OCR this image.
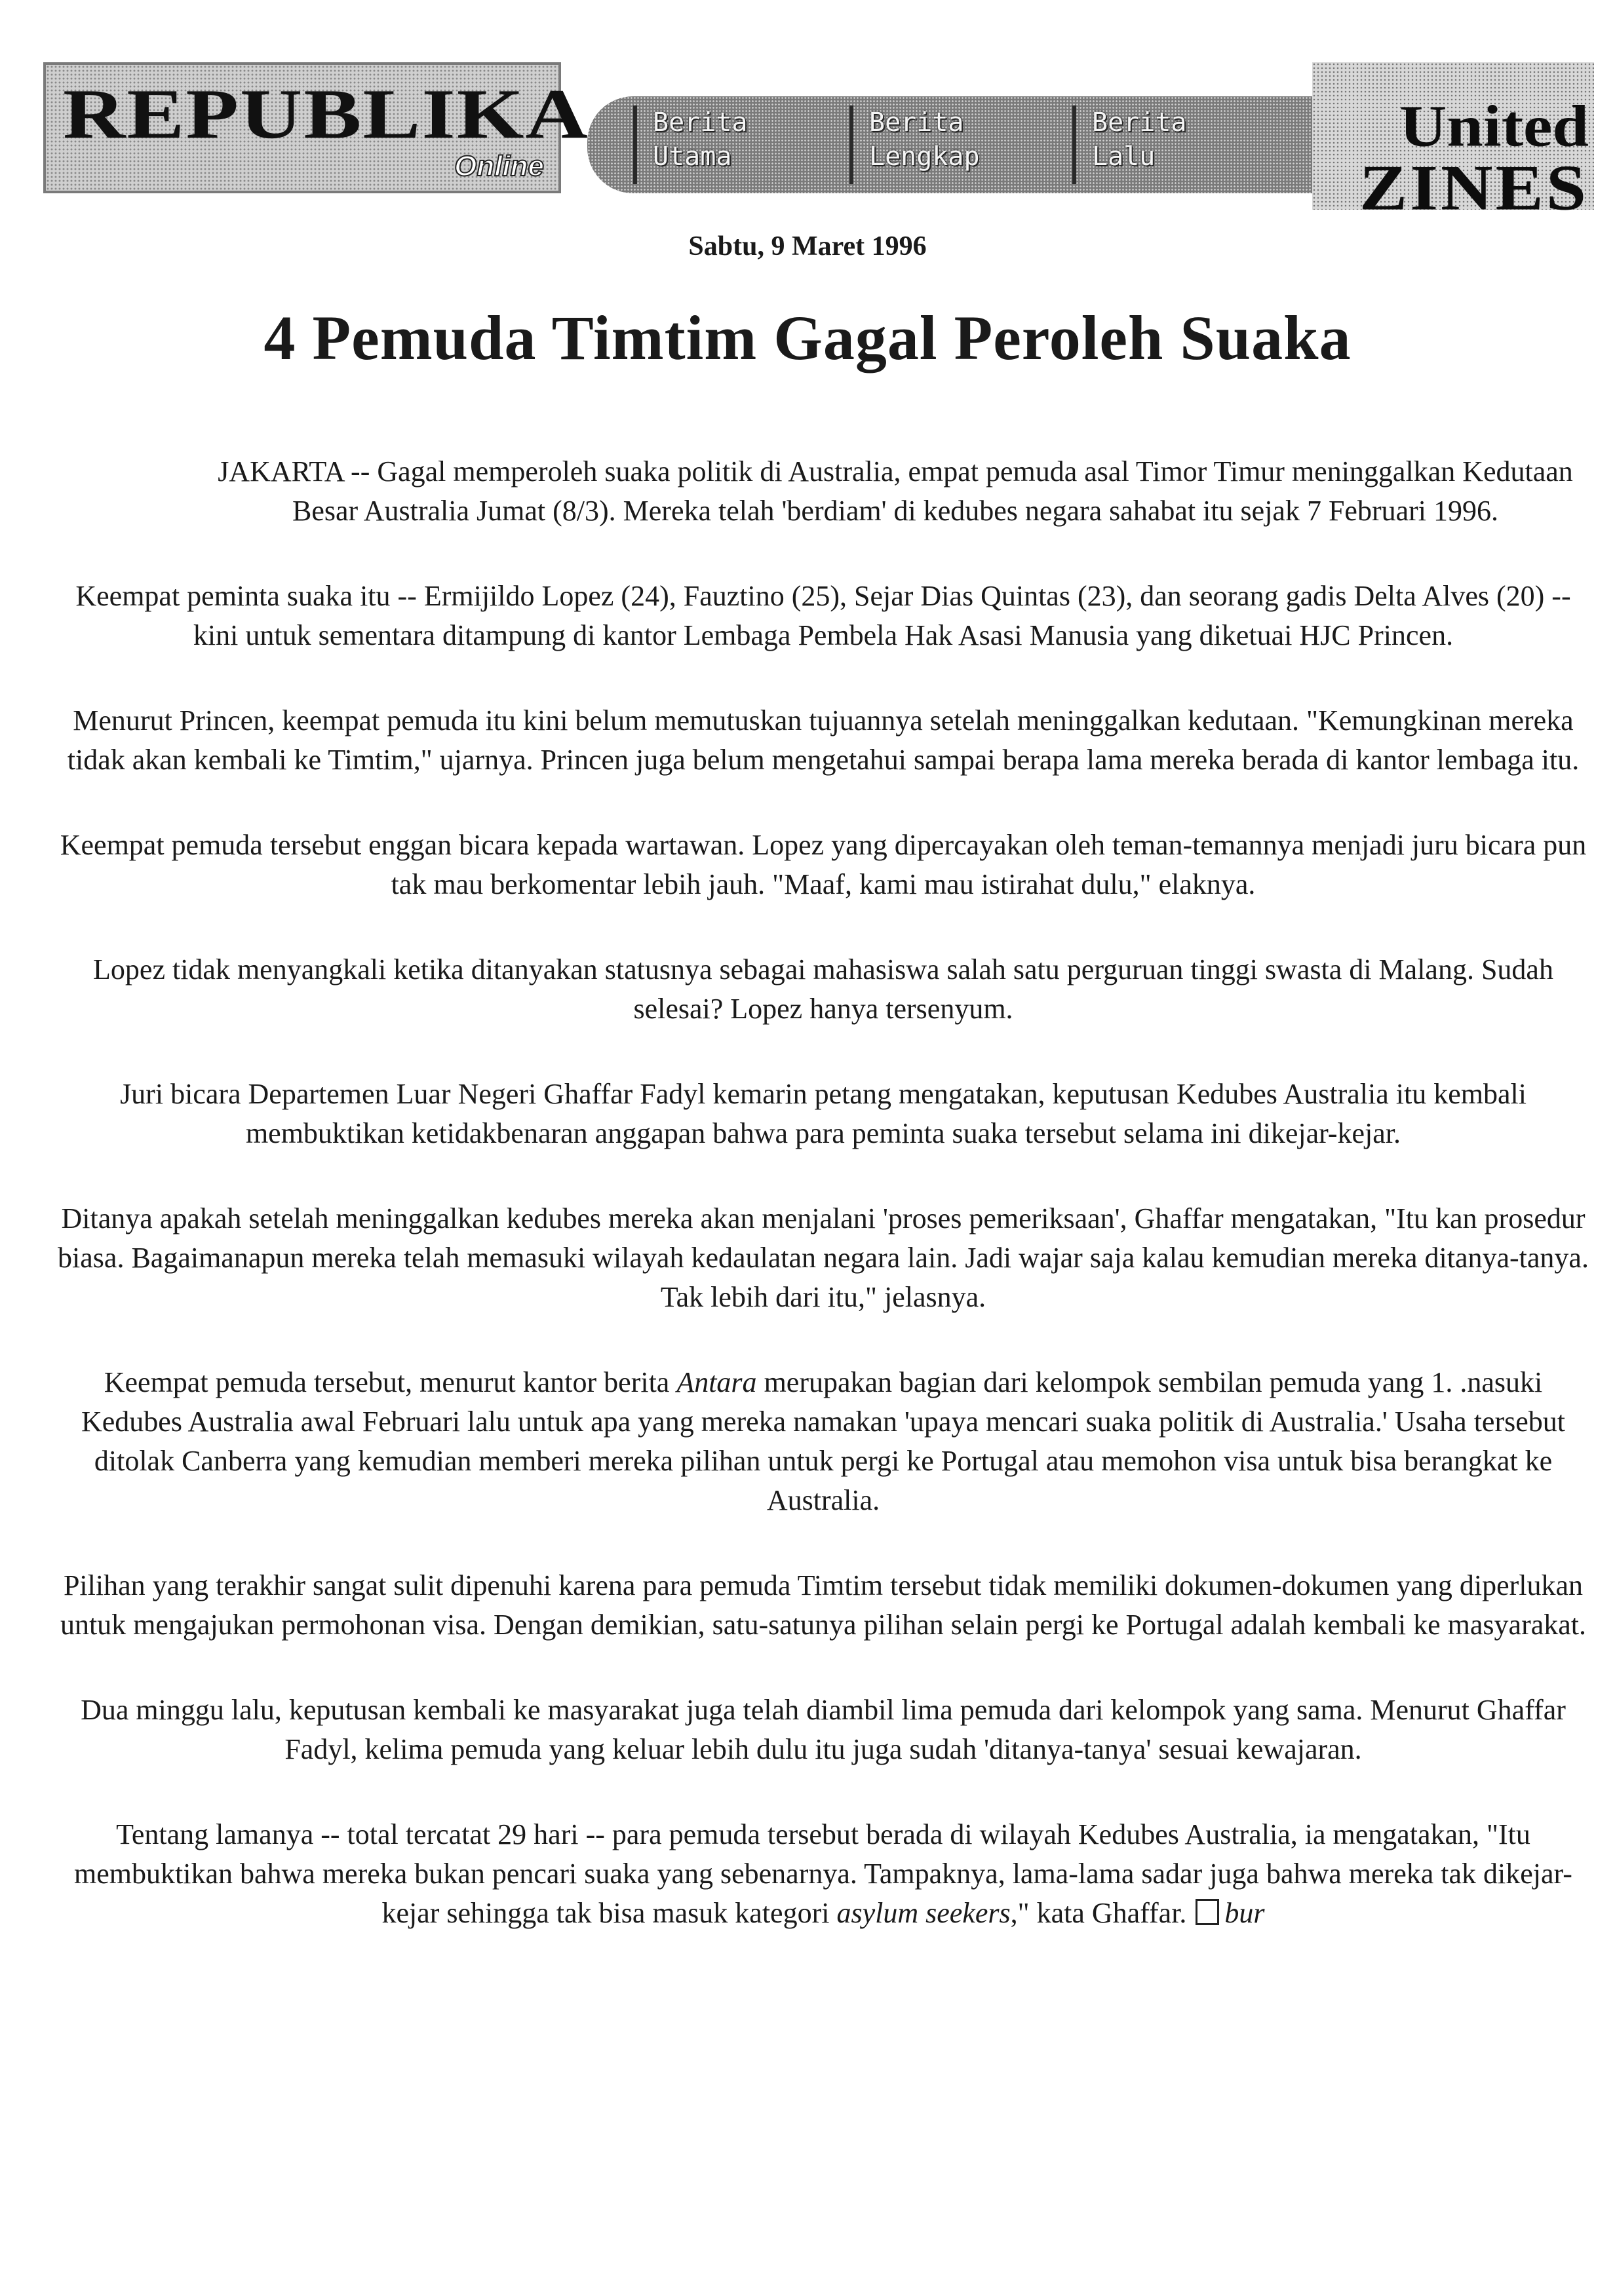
REPUBLIKA
Online
Berita
Utama
Berita
Lengkap
Berita
Lalu	United
ZINES
Sabtu, 9 Maret 1996
4 Pemuda Timtim Gagal Peroleh Suaka

JAKARTA -- Gagal memperoleh suaka politik di Australia, empat pemuda asal Timor Timur meninggalkan Kedutaan Besar Australia Jumat (8/3). Mereka telah 'berdiam' di kedubes negara sahabat itu sejak 7 Februari 1996.

Keempat peminta suaka itu -- Ermijildo Lopez (24), Fauztino (25), Sejar Dias Quintas (23), dan seorang gadis Delta Alves (20) -- kini untuk sementara ditampung di kantor Lembaga Pembela Hak Asasi Manusia yang diketuai HJC Princen.

Menurut Princen, keempat pemuda itu kini belum memutuskan tujuannya setelah meninggalkan kedutaan. "Kemungkinan mereka tidak akan kembali ke Timtim," ujarnya. Princen juga belum mengetahui sampai berapa lama mereka berada di kantor lembaga itu.

Keempat pemuda tersebut enggan bicara kepada wartawan. Lopez yang dipercayakan oleh teman-temannya menjadi juru bicara pun tak mau berkomentar lebih jauh. "Maaf, kami mau istirahat dulu," elaknya.

Lopez tidak menyangkali ketika ditanyakan statusnya sebagai mahasiswa salah satu perguruan tinggi swasta di Malang. Sudah selesai? Lopez hanya tersenyum.

Juri bicara Departemen Luar Negeri Ghaffar Fadyl kemarin petang mengatakan, keputusan Kedubes Australia itu kembali membuktikan ketidakbenaran anggapan bahwa para peminta suaka tersebut selama ini dikejar-kejar.

Ditanya apakah setelah meninggalkan kedubes mereka akan menjalani 'proses pemeriksaan', Ghaffar mengatakan, "Itu kan prosedur biasa. Bagaimanapun mereka telah memasuki wilayah kedaulatan negara lain. Jadi wajar saja kalau kemudian mereka ditanya-tanya. Tak lebih dari itu," jelasnya.

Keempat pemuda tersebut, menurut kantor berita Antara merupakan bagian dari kelompok sembilan pemuda yang 1. .nasuki Kedubes Australia awal Februari lalu untuk apa yang mereka namakan 'upaya mencari suaka politik di Australia.' Usaha tersebut ditolak Canberra yang kemudian memberi mereka pilihan untuk pergi ke Portugal atau memohon visa untuk bisa berangkat ke Australia.

Pilihan yang terakhir sangat sulit dipenuhi karena para pemuda Timtim tersebut tidak memiliki dokumen-dokumen yang diperlukan untuk mengajukan permohonan visa. Dengan demikian, satu-satunya pilihan selain pergi ke Portugal adalah kembali ke masyarakat.

Dua minggu lalu, keputusan kembali ke masyarakat juga telah diambil lima pemuda dari kelompok yang sama. Menurut Ghaffar Fadyl, kelima pemuda yang keluar lebih dulu itu juga sudah 'ditanya-tanya' sesuai kewajaran.

Tentang lamanya -- total tercatat 29 hari -- para pemuda tersebut berada di wilayah Kedubes Australia, ia mengatakan, "Itu membuktikan bahwa mereka bukan pencari suaka yang sebenarnya. Tampaknya, lama-lama sadar juga bahwa mereka tak dikejar-kejar sehingga tak bisa masuk kategori asylum seekers," kata Ghaffar. bur
